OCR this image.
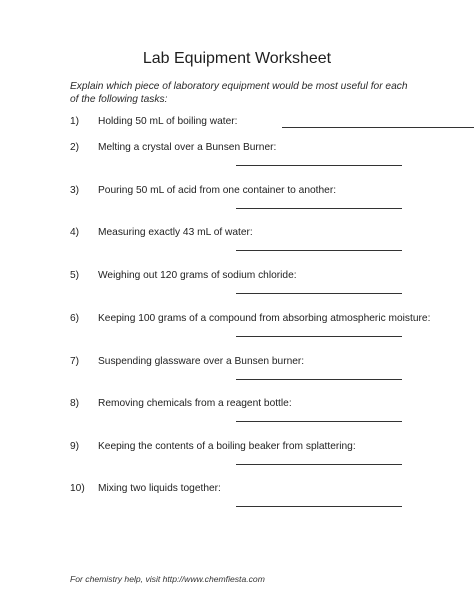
Lab Equipment Worksheet

Explain which piece of laboratory equipment would be most useful for each of the following tasks:

1) Holding 50 mL of boiling water:
2) Melting a crystal over a Bunsen Burner:
3) Pouring 50 mL of acid from one container to another:
4) Measuring exactly 43 mL of water:
5) Weighing out 120 grams of sodium chloride:
6) Keeping 100 grams of a compound from absorbing atmospheric moisture:
7) Suspending glassware over a Bunsen burner:
8) Removing chemicals from a reagent bottle:
9) Keeping the contents of a boiling beaker from splattering:
10) Mixing two liquids together:

For chemistry help, visit http://www.chemfiesta.com
